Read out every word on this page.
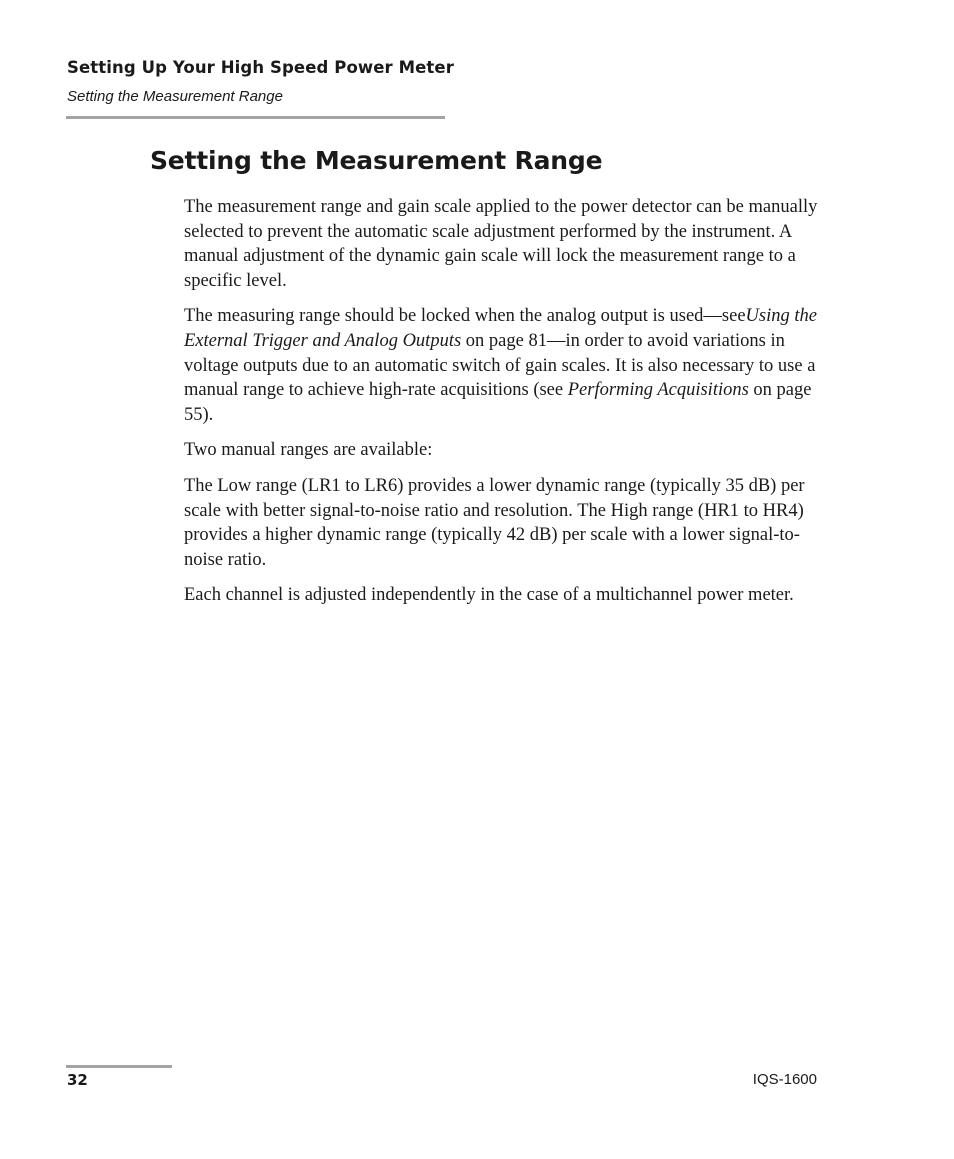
Setting Up Your High Speed Power Meter
Setting the Measurement Range
Setting the Measurement Range

The measurement range and gain scale applied to the power detector can be manually selected to prevent the automatic scale adjustment performed by the instrument. A manual adjustment of the dynamic gain scale will lock the measurement range to a specific level.

The measuring range should be locked when the analog output is used—seeUsing the External Trigger and Analog Outputs on page 81—in order to avoid variations in voltage outputs due to an automatic switch of gain scales. It is also necessary to use a manual range to achieve high-rate acquisitions (see Performing Acquisitions on page 55).

Two manual ranges are available:

The Low range (LR1 to LR6) provides a lower dynamic range (typically 35 dB) per scale with better signal-to-noise ratio and resolution. The High range (HR1 to HR4) provides a higher dynamic range (typically 42 dB) per scale with a lower signal-to-noise ratio.

Each channel is adjusted independently in the case of a multichannel power meter.

32	IQS-1600
